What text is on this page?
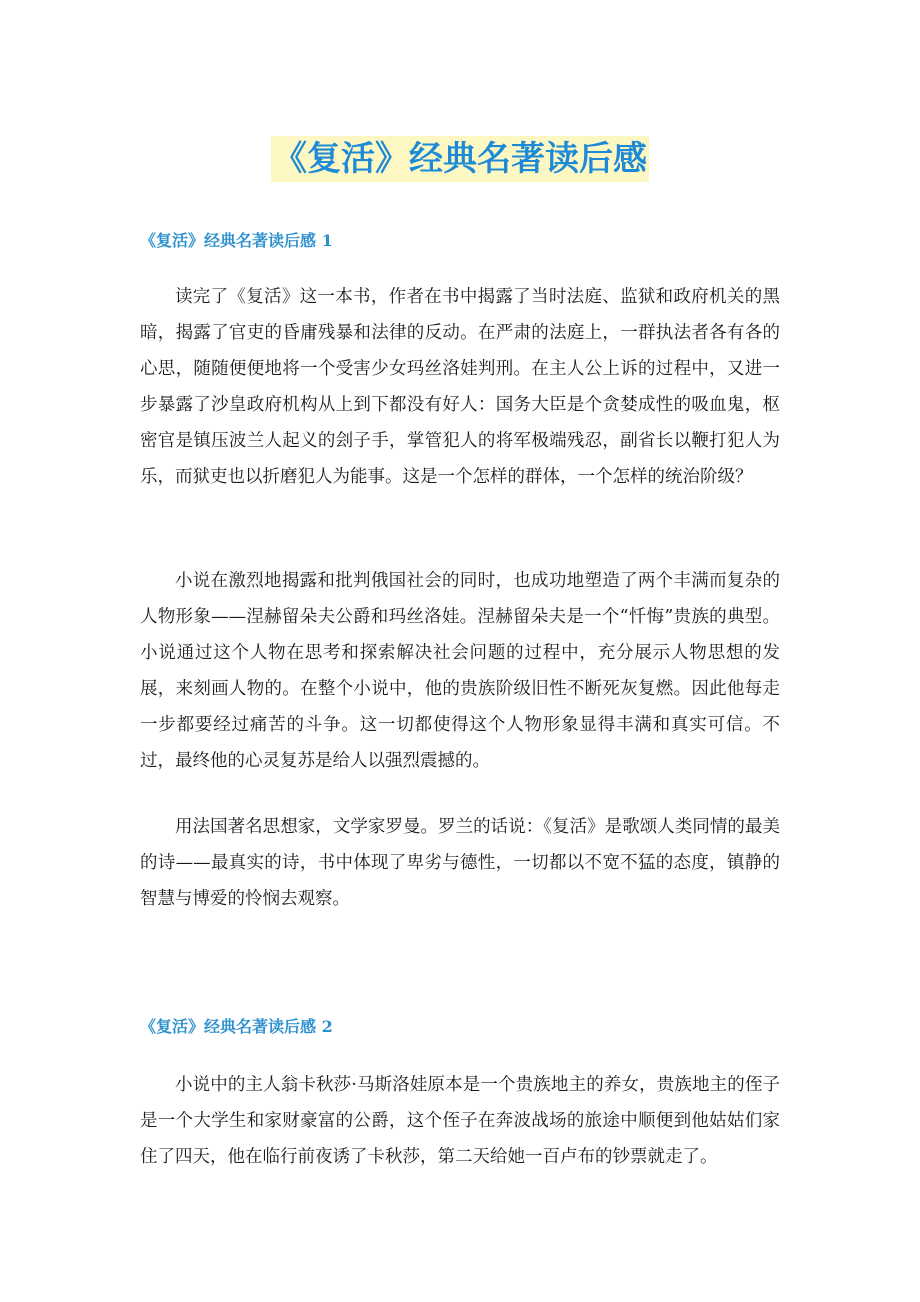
《复活》经典名著读后感
《复活》经典名著读后感 1

读完了《复活》这一本书，作者在书中揭露了当时法庭、监狱和政府机关的黑暗，揭露了官吏的昏庸残暴和法律的反动。在严肃的法庭上，一群执法者各有各的心思，随随便便地将一个受害少女玛丝洛娃判刑。在主人公上诉的过程中，又进一步暴露了沙皇政府机构从上到下都没有好人：国务大臣是个贪婪成性的吸血鬼，枢密官是镇压波兰人起义的刽子手，掌管犯人的将军极端残忍，副省长以鞭打犯人为乐，而狱吏也以折磨犯人为能事。这是一个怎样的群体，一个怎样的统治阶级？

小说在激烈地揭露和批判俄国社会的同时，也成功地塑造了两个丰满而复杂的人物形象——涅赫留朵夫公爵和玛丝洛娃。涅赫留朵夫是一个“忏悔”贵族的典型。小说通过这个人物在思考和探索解决社会问题的过程中，充分展示人物思想的发展，来刻画人物的。在整个小说中，他的贵族阶级旧性不断死灰复燃。因此他每走一步都要经过痛苦的斗争。这一切都使得这个人物形象显得丰满和真实可信。不过，最终他的心灵复苏是给人以强烈震撼的。

用法国著名思想家，文学家罗曼。罗兰的话说：《复活》是歌颂人类同情的最美的诗——最真实的诗，书中体现了卑劣与德性，一切都以不宽不猛的态度，镇静的智慧与博爱的怜悯去观察。

《复活》经典名著读后感 2

小说中的主人翁卡秋莎·马斯洛娃原本是一个贵族地主的养女，贵族地主的侄子是一个大学生和家财豪富的公爵，这个侄子在奔波战场的旅途中顺便到他姑姑们家住了四天，他在临行前夜诱了卡秋莎，第二天给她一百卢布的钞票就走了。
